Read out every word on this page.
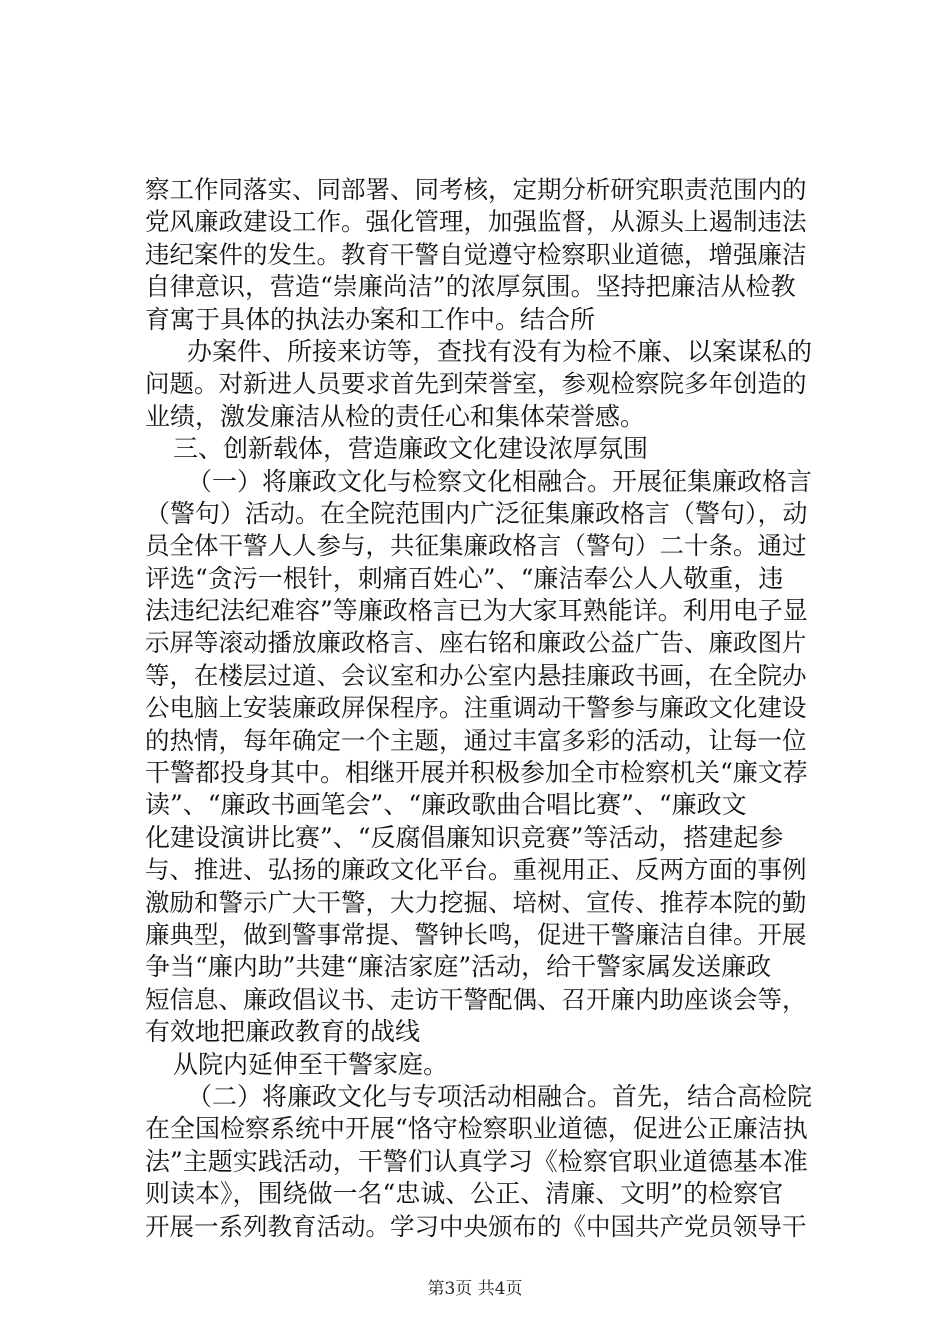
察工作同落实、同部署、同考核，定期分析研究职责范围内的
党风廉政建设工作。强化管理，加强监督，从源头上遏制违法
违纪案件的发生。教育干警自觉遵守检察职业道德，增强廉洁
自律意识，营造“崇廉尚洁”的浓厚氛围。坚持把廉洁从检教
育寓于具体的执法办案和工作中。结合所
办案件、所接来访等，查找有没有为检不廉、以案谋私的
问题。对新进人员要求首先到荣誉室，参观检察院多年创造的
业绩，激发廉洁从检的责任心和集体荣誉感。
三、创新载体，营造廉政文化建设浓厚氛围
（一）将廉政文化与检察文化相融合。开展征集廉政格言
（警句）活动。在全院范围内广泛征集廉政格言（警句），动
员全体干警人人参与，共征集廉政格言（警句）二十条。通过
评选“贪污一根针，刺痛百姓心”、“廉洁奉公人人敬重，违
法违纪法纪难容”等廉政格言已为大家耳熟能详。利用电子显
示屏等滚动播放廉政格言、座右铭和廉政公益广告、廉政图片
等，在楼层过道、会议室和办公室内悬挂廉政书画，在全院办
公电脑上安装廉政屏保程序。注重调动干警参与廉政文化建设
的热情，每年确定一个主题，通过丰富多彩的活动，让每一位
干警都投身其中。相继开展并积极参加全市检察机关“廉文荐
读”、“廉政书画笔会”、“廉政歌曲合唱比赛”、“廉政文
化建设演讲比赛”、“反腐倡廉知识竞赛”等活动，搭建起参
与、推进、弘扬的廉政文化平台。重视用正、反两方面的事例
激励和警示广大干警，大力挖掘、培树、宣传、推荐本院的勤
廉典型，做到警事常提、警钟长鸣，促进干警廉洁自律。开展
争当“廉内助”共建“廉洁家庭”活动，给干警家属发送廉政
短信息、廉政倡议书、走访干警配偶、召开廉内助座谈会等，
有效地把廉政教育的战线
从院内延伸至干警家庭。
（二）将廉政文化与专项活动相融合。首先，结合高检院
在全国检察系统中开展“恪守检察职业道德，促进公正廉洁执
法”主题实践活动，干警们认真学习《检察官职业道德基本准
则读本》，围绕做一名“忠诚、公正、清廉、文明”的检察官
开展一系列教育活动。学习中央颁布的《中国共产党员领导干
第3页 共4页
